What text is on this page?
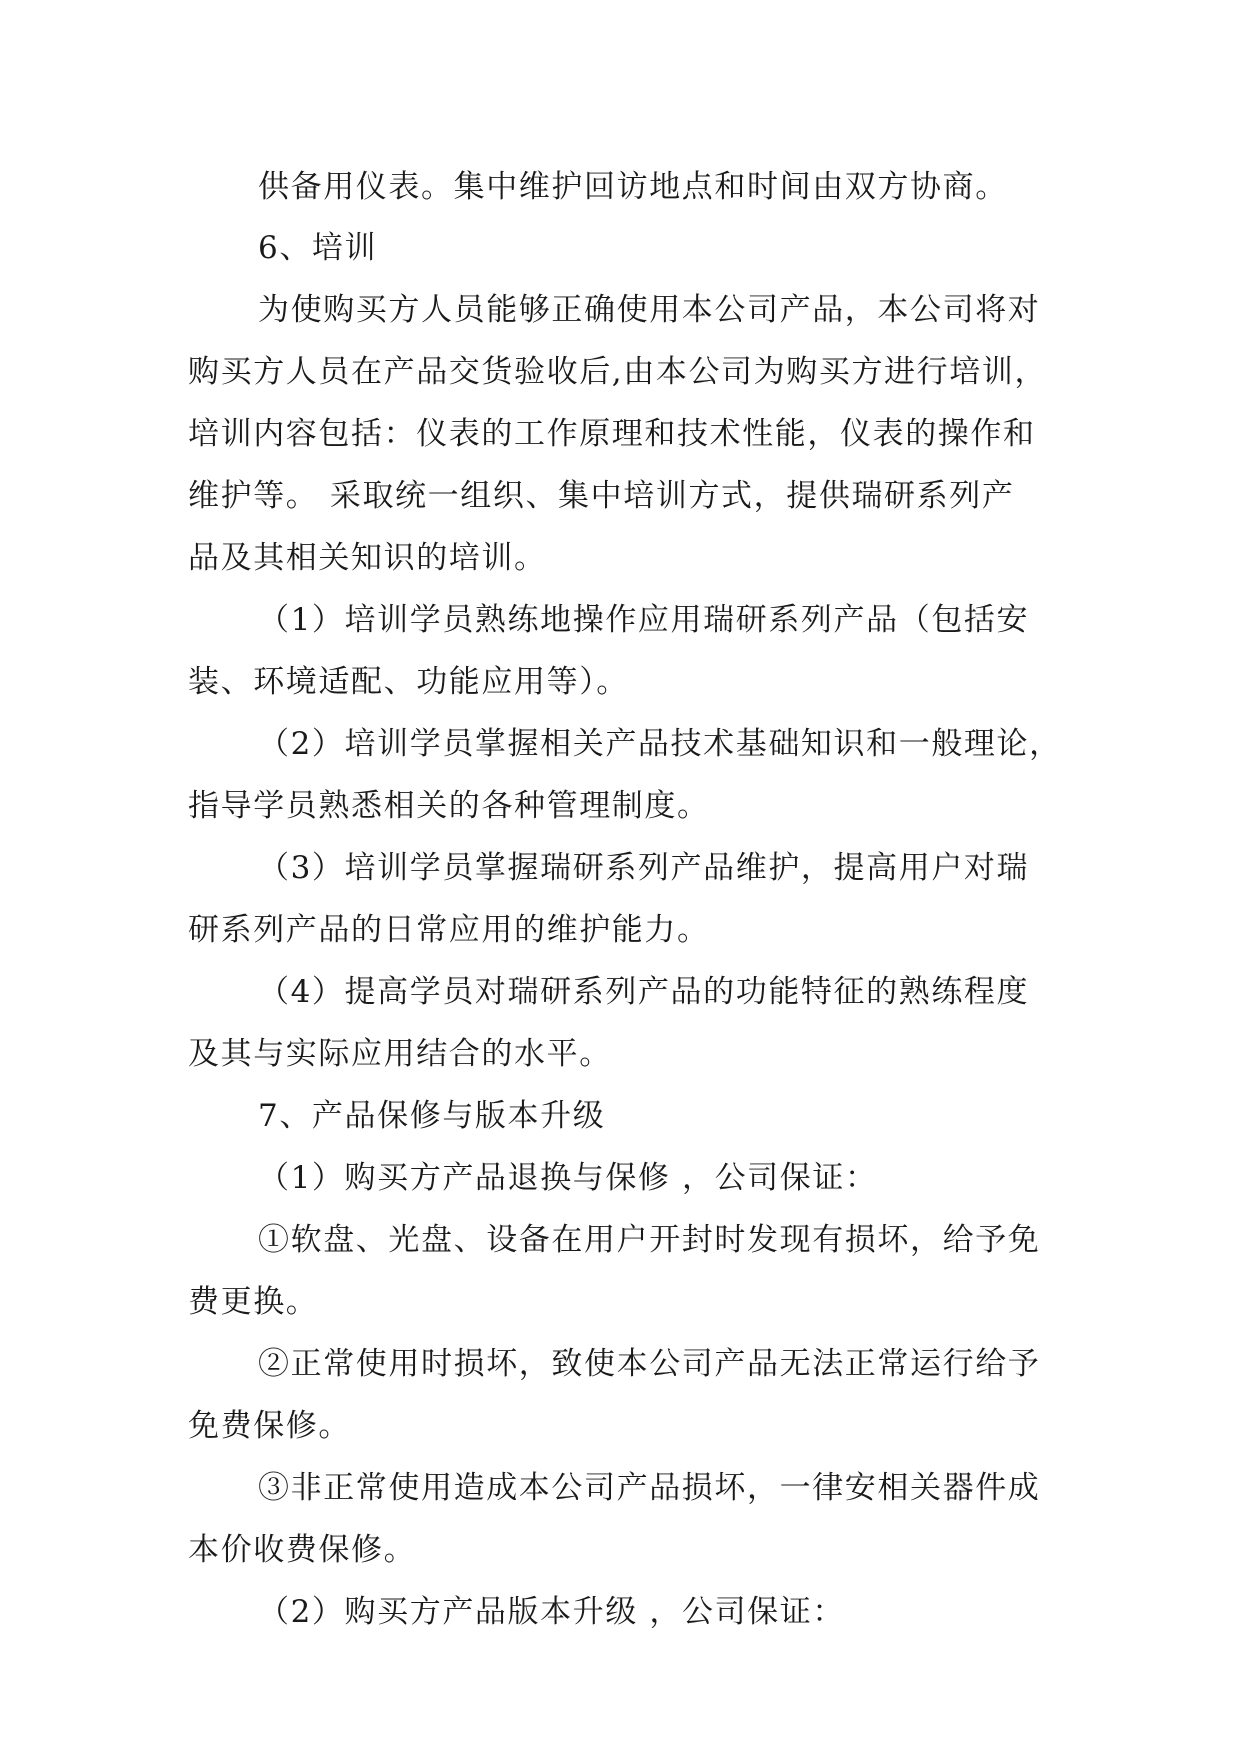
供备用仪表。集中维护回访地点和时间由双方协商。

6、培训

为使购买方人员能够正确使用本公司产品，本公司将对

购买方人员在产品交货验收后,由本公司为购买方进行培训，

培训内容包括：仪表的工作原理和技术性能，仪表的操作和

维护等。 采取统一组织、集中培训方式，提供瑞研系列产

品及其相关知识的培训。

（1）培训学员熟练地操作应用瑞研系列产品（包括安

装、环境适配、功能应用等）。

（2）培训学员掌握相关产品技术基础知识和一般理论，

指导学员熟悉相关的各种管理制度。

（3）培训学员掌握瑞研系列产品维护，提高用户对瑞

研系列产品的日常应用的维护能力。

（4）提高学员对瑞研系列产品的功能特征的熟练程度

及其与实际应用结合的水平。

7、产品保修与版本升级

（1）购买方产品退换与保修 ，公司保证：

①软盘、光盘、设备在用户开封时发现有损坏，给予免

费更换。

②正常使用时损坏，致使本公司产品无法正常运行给予

免费保修。

③非正常使用造成本公司产品损坏，一律安相关器件成

本价收费保修。

（2）购买方产品版本升级 ，公司保证：
